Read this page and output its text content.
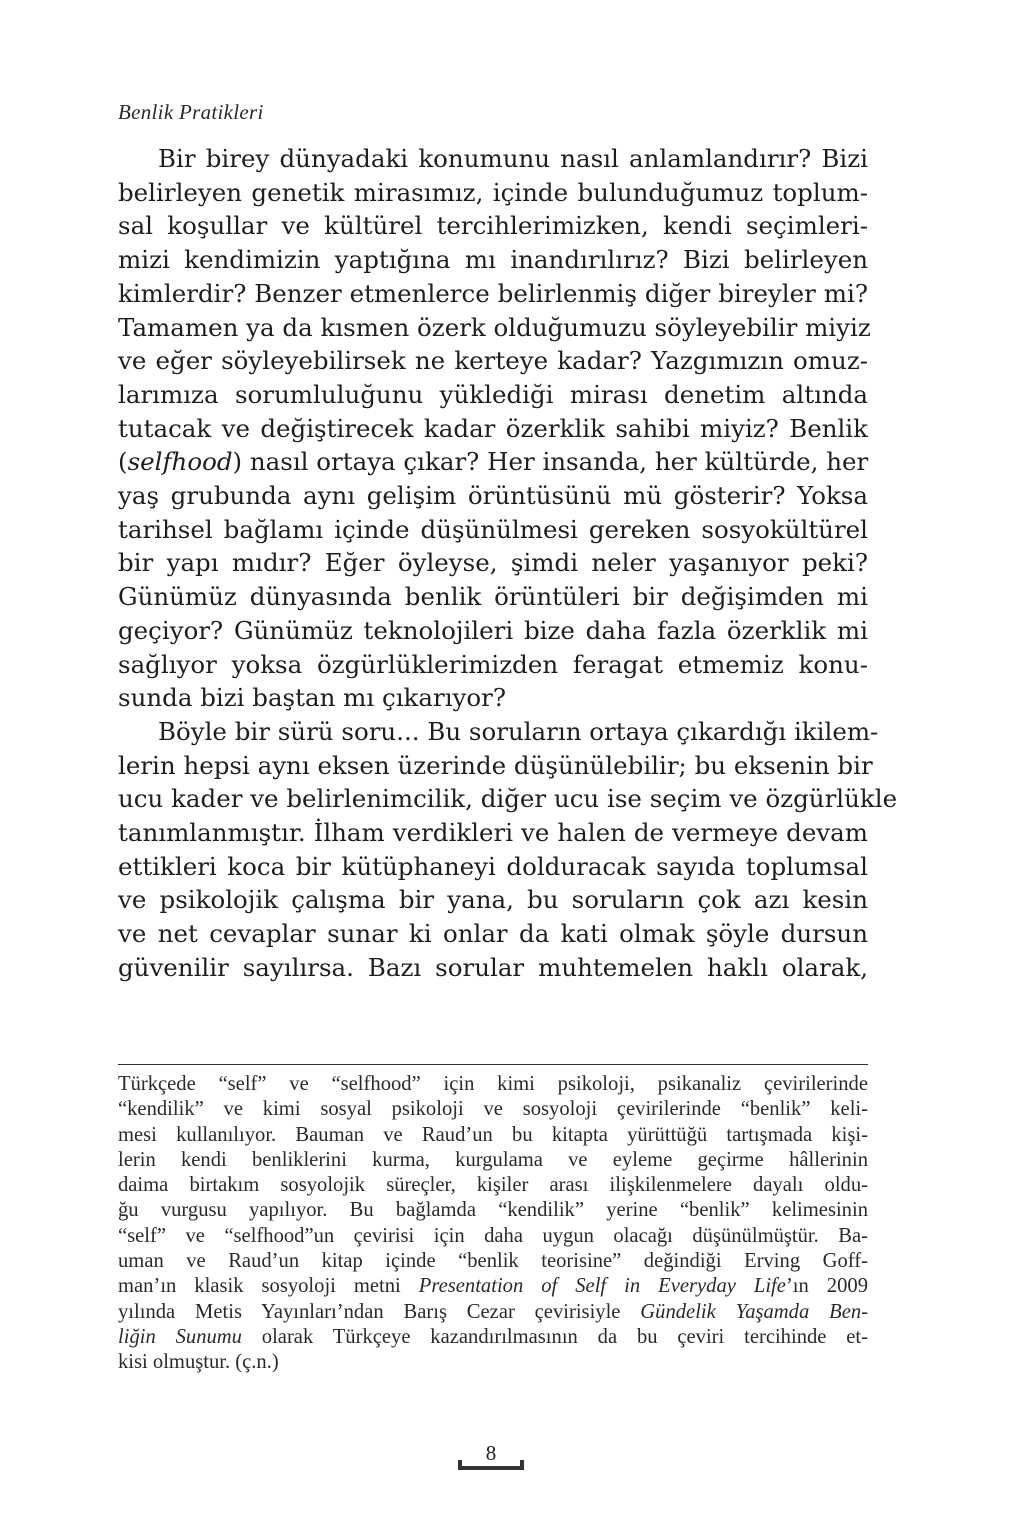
Benlik Pratikleri
Bir birey dünyadaki konumunu nasıl anlamlandırır? Bizi
belirleyen genetik mirasımız, içinde bulunduğumuz toplum-
sal koşullar ve kültürel tercihlerimizken, kendi seçimleri-
mizi kendimizin yaptığına mı inandırılırız? Bizi belirleyen
kimlerdir? Benzer etmenlerce belirlenmiş diğer bireyler mi?
Tamamen ya da kısmen özerk olduğumuzu söyleyebilir miyiz
ve eğer söyleyebilirsek ne kerteye kadar? Yazgımızın omuz-
larımıza sorumluluğunu yüklediği mirası denetim altında
tutacak ve değiştirecek kadar özerklik sahibi miyiz? Benlik
(selfhood) nasıl ortaya çıkar? Her insanda, her kültürde, her
yaş grubunda aynı gelişim örüntüsünü mü gösterir? Yoksa
tarihsel bağlamı içinde düşünülmesi gereken sosyokültürel
bir yapı mıdır? Eğer öyleyse, şimdi neler yaşanıyor peki?
Günümüz dünyasında benlik örüntüleri bir değişimden mi
geçiyor? Günümüz teknolojileri bize daha fazla özerklik mi
sağlıyor yoksa özgürlüklerimizden feragat etmemiz konu-
sunda bizi baştan mı çıkarıyor?
Böyle bir sürü soru... Bu soruların ortaya çıkardığı ikilem-
lerin hepsi aynı eksen üzerinde düşünülebilir; bu eksenin bir
ucu kader ve belirlenimcilik, diğer ucu ise seçim ve özgürlükle
tanımlanmıştır. İlham verdikleri ve halen de vermeye devam
ettikleri koca bir kütüphaneyi dolduracak sayıda toplumsal
ve psikolojik çalışma bir yana, bu soruların çok azı kesin
ve net cevaplar sunar ki onlar da kati olmak şöyle dursun
güvenilir sayılırsa. Bazı sorular muhtemelen haklı olarak,
Türkçede “self” ve “selfhood” için kimi psikoloji, psikanaliz çevirilerinde
“kendilik” ve kimi sosyal psikoloji ve sosyoloji çevirilerinde “benlik” keli-
mesi kullanılıyor. Bauman ve Raud’un bu kitapta yürüttüğü tartışmada kişi-
lerin kendi benliklerini kurma, kurgulama ve eyleme geçirme hâllerinin
daima birtakım sosyolojik süreçler, kişiler arası ilişkilenmelere dayalı oldu-
ğu vurgusu yapılıyor. Bu bağlamda “kendilik” yerine “benlik” kelimesinin
“self” ve “selfhood”un çevirisi için daha uygun olacağı düşünülmüştür. Ba-
uman ve Raud’un kitap içinde “benlik teorisine” değindiği Erving Goff-
man’ın klasik sosyoloji metni Presentation of Self in Everyday Life’ın 2009
yılında Metis Yayınları’ndan Barış Cezar çevirisiyle Gündelik Yaşamda Ben-
liğin Sunumu olarak Türkçeye kazandırılmasının da bu çeviri tercihinde et-
kisi olmuştur. (ç.n.)
8
